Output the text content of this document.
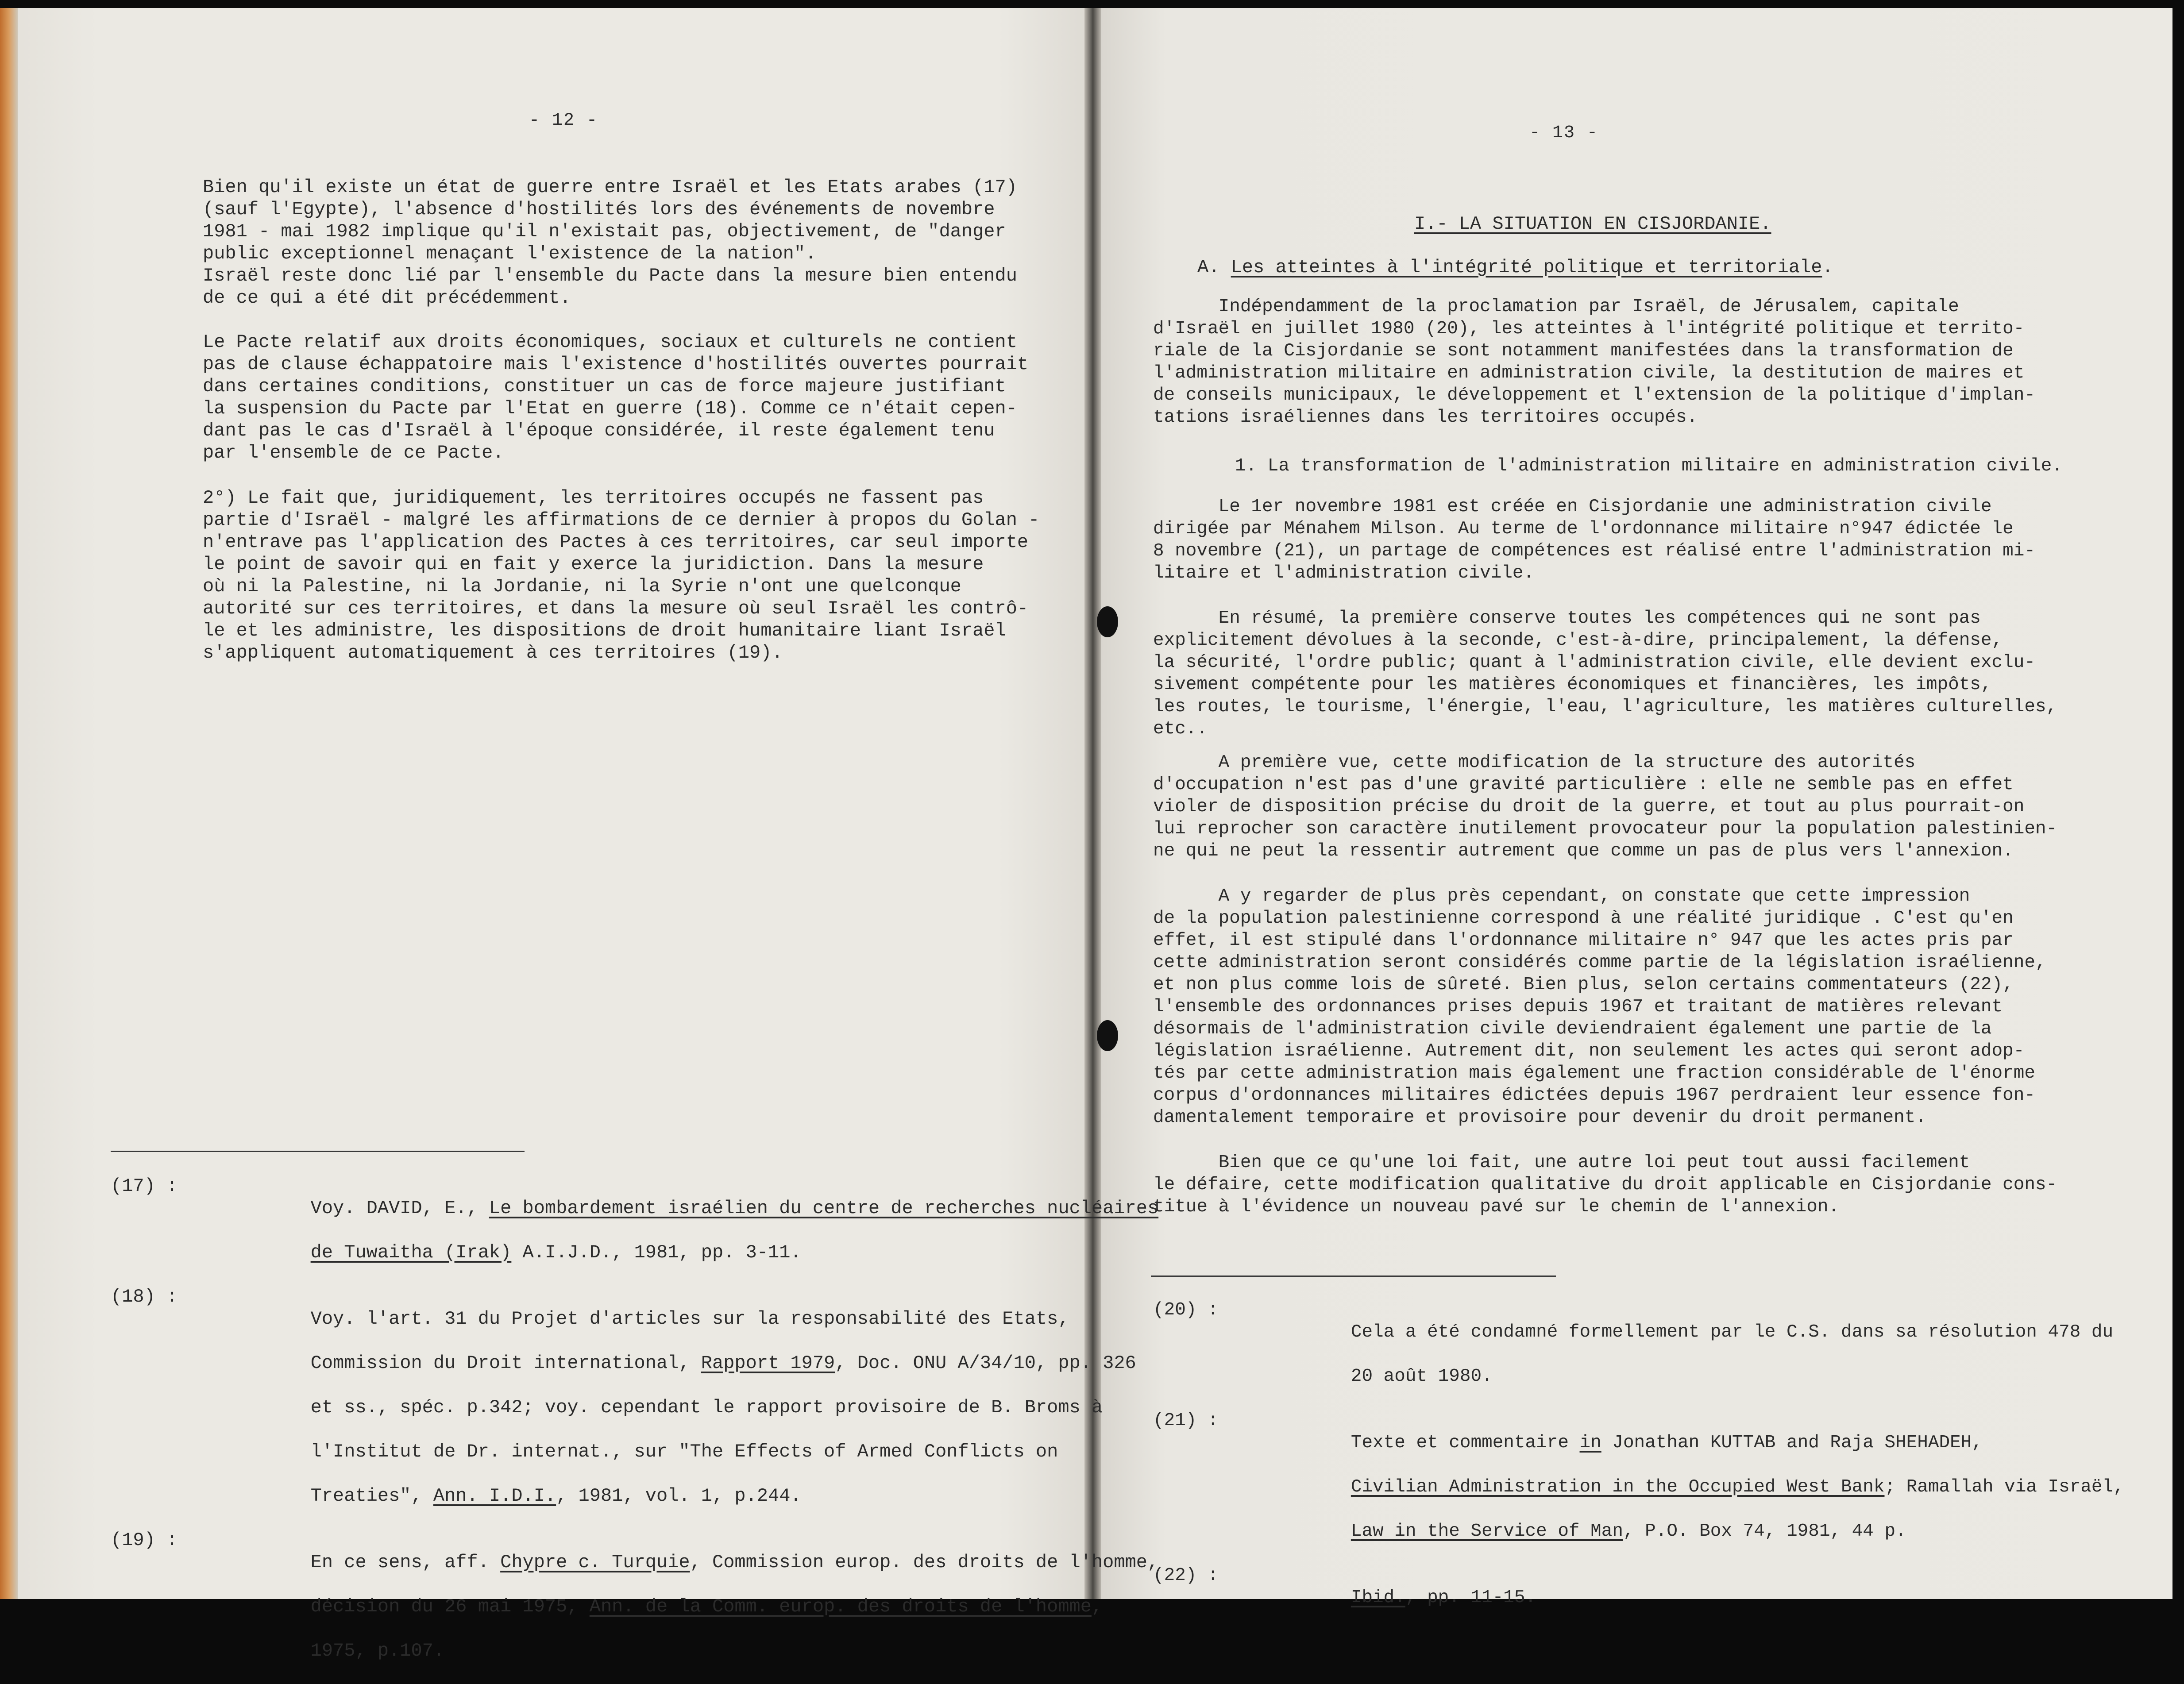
- 12 -
Bien qu'il existe un état de guerre entre Israël et les Etats arabes (17)
(sauf l'Egypte), l'absence d'hostilités lors des événements de novembre
1981 - mai 1982 implique qu'il n'existait pas, objectivement, de "danger
public exceptionnel menaçant l'existence de la nation".
Israël reste donc lié par l'ensemble du Pacte dans la mesure bien entendu
de ce qui a été dit précédemment.
Le Pacte relatif aux droits économiques, sociaux et culturels ne contient
pas de clause échappatoire mais l'existence d'hostilités ouvertes pourrait
dans certaines conditions, constituer un cas de force majeure justifiant
la suspension du Pacte par l'Etat en guerre (18). Comme ce n'était cepen-
dant pas le cas d'Israël à l'époque considérée, il reste également tenu
par l'ensemble de ce Pacte.
2°) Le fait que, juridiquement, les territoires occupés ne fassent pas
partie d'Israël - malgré les affirmations de ce dernier à propos du Golan -
n'entrave pas l'application des Pactes à ces territoires, car seul importe
le point de savoir qui en fait y exerce la juridiction. Dans la mesure
où ni la Palestine, ni la Jordanie, ni la Syrie n'ont une quelconque
autorité sur ces territoires, et dans la mesure où seul Israël les contrô-
le et les administre, les dispositions de droit humanitaire liant Israël
s'appliquent automatiquement à ces territoires (19).
(17) :

Voy. DAVID, E., Le bombardement israélien du centre de recherches nucléaires

de Tuwaitha (Irak) A.I.J.D., 1981, pp. 3-11.

(18) :

Voy. l'art. 31 du Projet d'articles sur la responsabilité des Etats,

Commission du Droit international, Rapport 1979, Doc. ONU A/34/10, pp. 326

et ss., spéc. p.342; voy. cependant le rapport provisoire de B. Broms à

l'Institut de Dr. internat., sur "The Effects of Armed Conflicts on

Treaties", Ann. I.D.I., 1981, vol. 1, p.244.

(19) :

En ce sens, aff. Chypre c. Turquie, Commission europ. des droits de l'homme,

décision du 26 mai 1975, Ann. de la Comm. europ. des droits de l'homme,

1975, p.107.

- 13 -
I.- LA SITUATION EN CISJORDANIE.
A. Les atteintes à l'intégrité politique et territoriale.
Indépendamment de la proclamation par Israël, de Jérusalem, capitale
d'Israël en juillet 1980 (20), les atteintes à l'intégrité politique et territo-
riale de la Cisjordanie se sont notamment manifestées dans la transformation de
l'administration militaire en administration civile, la destitution de maires et
de conseils municipaux, le développement et l'extension de la politique d'implan-
tations israéliennes dans les territoires occupés.
1. La transformation de l'administration militaire en administration civile.
Le 1er novembre 1981 est créée en Cisjordanie une administration civile
dirigée par Ménahem Milson. Au terme de l'ordonnance militaire n°947 édictée le
8 novembre (21), un partage de compétences est réalisé entre l'administration mi-
litaire et l'administration civile.
En résumé, la première conserve toutes les compétences qui ne sont pas
explicitement dévolues à la seconde, c'est-à-dire, principalement, la défense,
la sécurité, l'ordre public; quant à l'administration civile, elle devient exclu-
sivement compétente pour les matières économiques et financières, les impôts,
les routes, le tourisme, l'énergie, l'eau, l'agriculture, les matières culturelles,
etc..
A première vue, cette modification de la structure des autorités
d'occupation n'est pas d'une gravité particulière : elle ne semble pas en effet
violer de disposition précise du droit de la guerre, et tout au plus pourrait-on
lui reprocher son caractère inutilement provocateur pour la population palestinien-
ne qui ne peut la ressentir autrement que comme un pas de plus vers l'annexion.
A y regarder de plus près cependant, on constate que cette impression
de la population palestinienne correspond à une réalité juridique . C'est qu'en
effet, il est stipulé dans l'ordonnance militaire n° 947 que les actes pris par
cette administration seront considérés comme partie de la législation israélienne,
et non plus comme lois de sûreté. Bien plus, selon certains commentateurs (22),
l'ensemble des ordonnances prises depuis 1967 et traitant de matières relevant
désormais de l'administration civile deviendraient également une partie de la
législation israélienne. Autrement dit, non seulement les actes qui seront adop-
tés par cette administration mais également une fraction considérable de l'énorme
corpus d'ordonnances militaires édictées depuis 1967 perdraient leur essence fon-
damentalement temporaire et provisoire pour devenir du droit permanent.
Bien que ce qu'une loi fait, une autre loi peut tout aussi facilement
le défaire, cette modification qualitative du droit applicable en Cisjordanie cons-
titue à l'évidence un nouveau pavé sur le chemin de l'annexion.
(20) :

Cela a été condamné formellement par le C.S. dans sa résolution 478 du

20 août 1980.

(21) :

Texte et commentaire in Jonathan KUTTAB and Raja SHEHADEH,

Civilian Administration in the Occupied West Bank; Ramallah via Israël,

Law in the Service of Man, P.O. Box 74, 1981, 44 p.

(22) :

Ibid., pp. 11-15.
